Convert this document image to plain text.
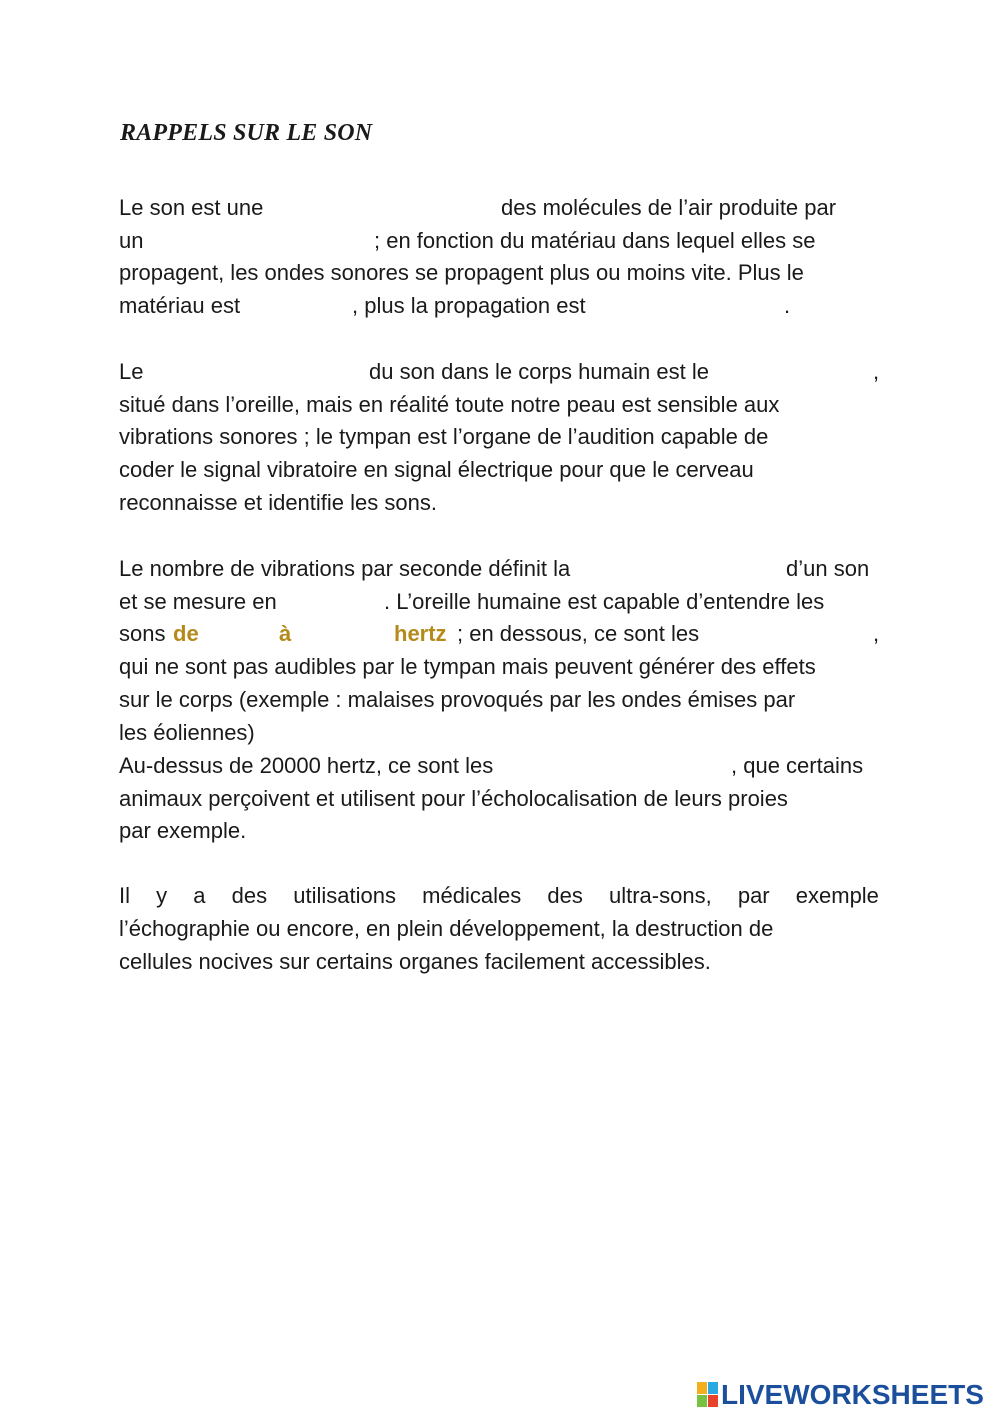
RAPPELS SUR LE SON
Le son est une	des molécules de l’air produite par
un	; en fonction du matériau dans lequel elles se
propagent, les ondes sonores se propagent plus ou moins vite. Plus le
matériau est	, plus la propagation est	.
Le	du son dans le corps humain est le	,
situé dans l’oreille, mais en réalité toute notre peau est sensible aux
vibrations sonores ; le tympan est l’organe de l’audition capable de
coder le signal vibratoire en signal électrique pour que le cerveau
reconnaisse et identifie les sons.
Le nombre de vibrations par seconde définit la	d’un son
et se mesure en	. L’oreille humaine est capable d’entendre les
sons de	à	hertz ; en dessous, ce sont les	,
qui ne sont pas audibles par le tympan mais peuvent générer des effets
sur le corps (exemple : malaises provoqués par les ondes émises par
les éoliennes)
Au-dessus de 20000 hertz, ce sont les	, que certains
animaux perçoivent et utilisent pour l’écholocalisation de leurs proies
par exemple.
Il y a des utilisations médicales des ultra-sons, par exemple
l’échographie ou encore, en plein développement, la destruction de
cellules nocives sur certains organes facilement accessibles.
LIVEWORKSHEETS
